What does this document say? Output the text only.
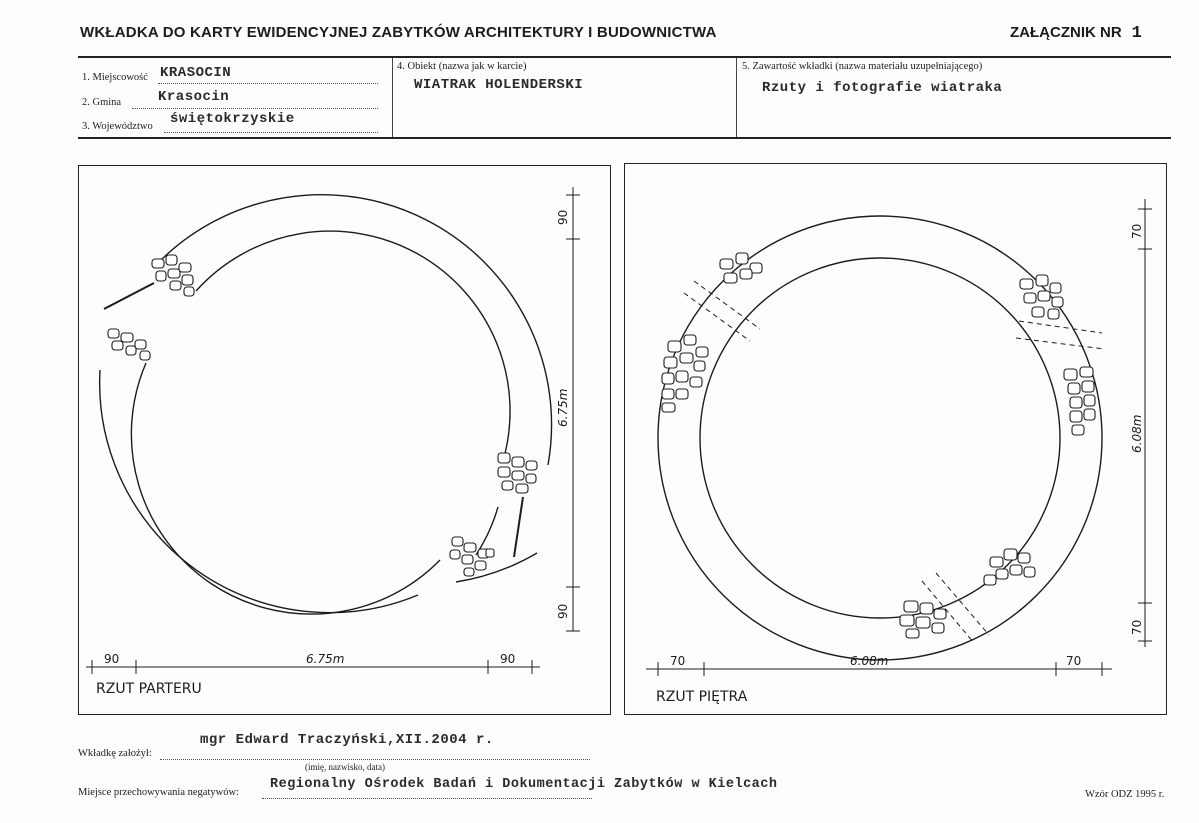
WKŁADKA DO KARTY EWIDENCYJNEJ ZABYTKÓW ARCHITEKTURY I BUDOWNICTWA	ZAŁĄCZNIK NR 1
1. Miejscowość KRASOCIN
2. Gmina	Krasocin
3. Województwo świętokrzyskie
4. Obiekt (nazwa jak w karcie)
WIATRAK HOLENDERSKI
5. Zawartość wkładki (nazwa materiału uzupełniającego)
Rzuty i fotografie wiatraka
90
6.75m
90
90	6.75m	90
RZUT PARTERU
70
6.08m
70
70	6.08m	70
RZUT PIĘTRA
Wkładkę założył:
mgr Edward Traczyński,XII.2004 r.
(imię, nazwisko, data)
Miejsce przechowywania negatywów:
Regionalny Ośrodek Badań i Dokumentacji Zabytków w Kielcach
Wzór ODZ 1995 r.
